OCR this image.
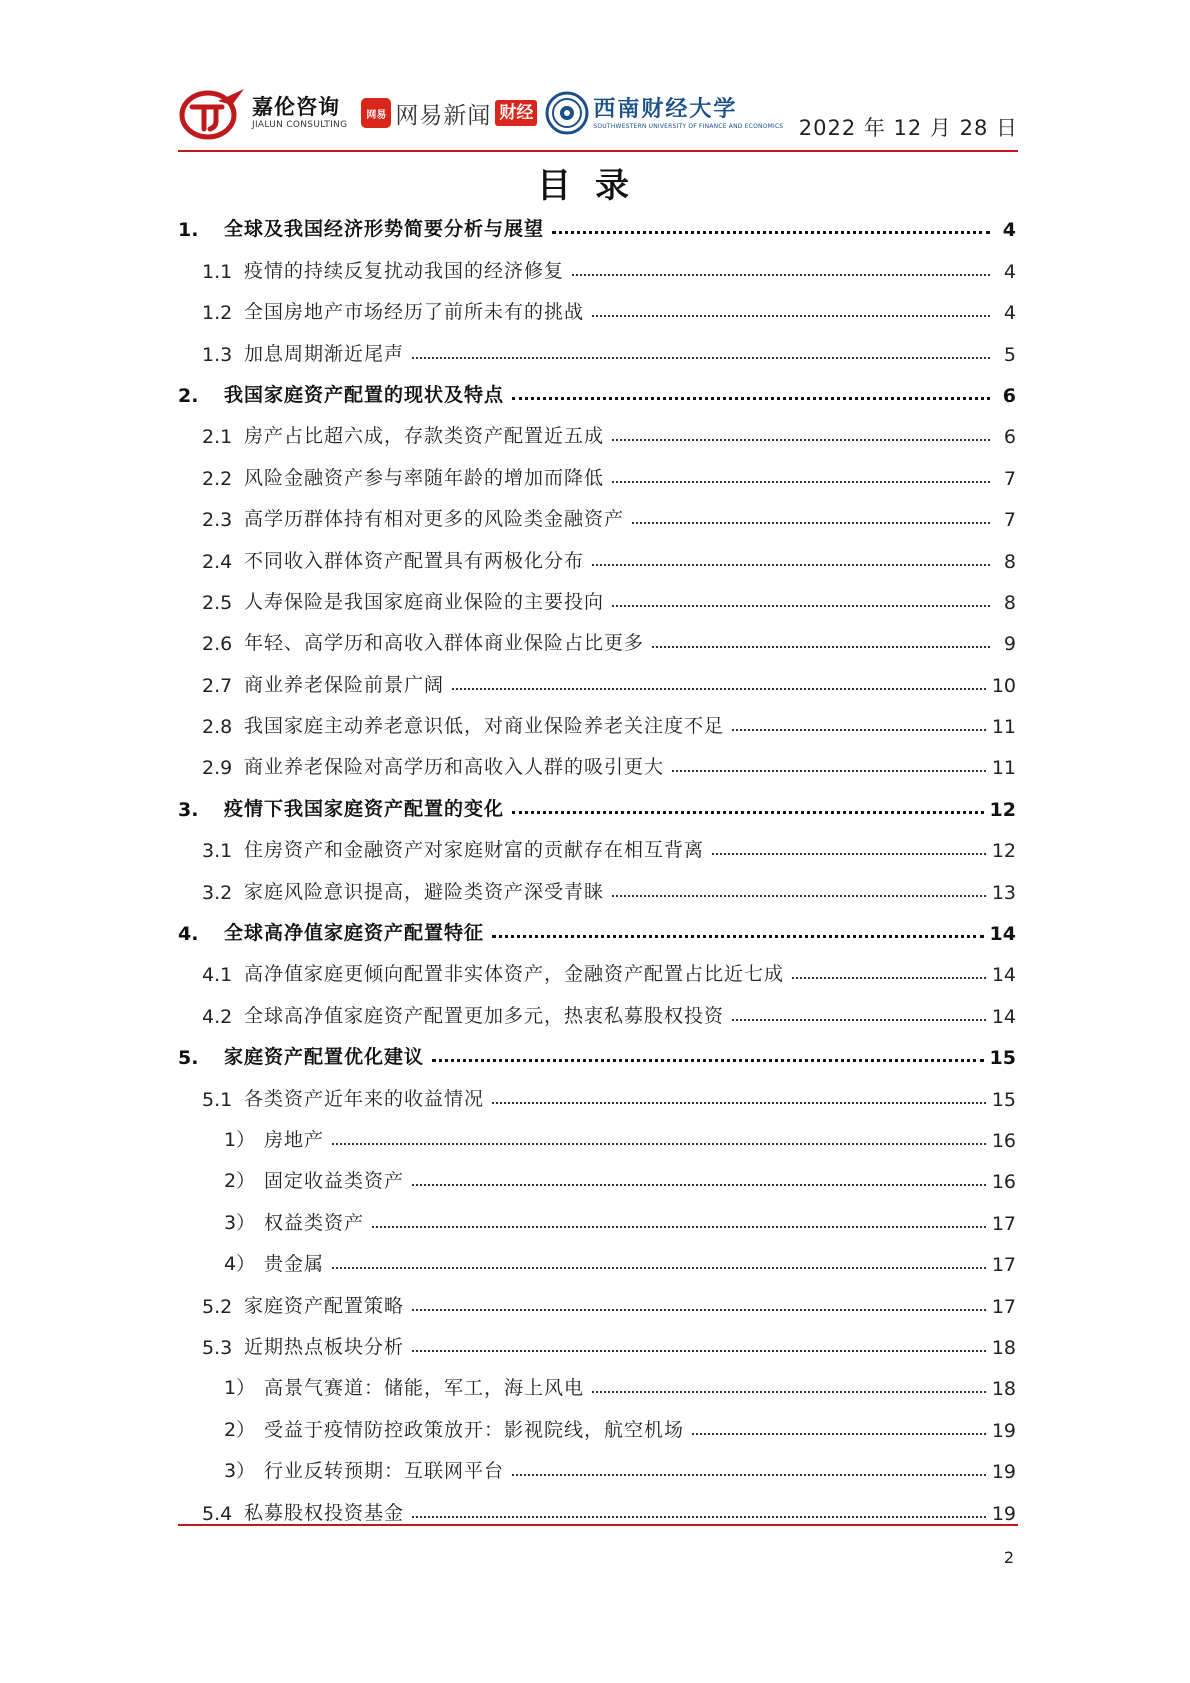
嘉伦咨询
JIALUN CONSULTING
网易 网易新闻 财经	西南财经大学
SOUTHWESTERN UNIVERSITY OF FINANCE AND ECONOMICS 2022 年 12 月 28 日
目录
1.	全球及我国经济形势简要分析与展望	4
1.1 疫情的持续反复扰动我国的经济修复	4
1.2 全国房地产市场经历了前所未有的挑战	4
1.3 加息周期渐近尾声	5
2.	我国家庭资产配置的现状及特点	6
2.1 房产占比超六成，存款类资产配置近五成	6
2.2 风险金融资产参与率随年龄的增加而降低	7
2.3 高学历群体持有相对更多的风险类金融资产	7
2.4 不同收入群体资产配置具有两极化分布	8
2.5 人寿保险是我国家庭商业保险的主要投向	8
2.6 年轻、高学历和高收入群体商业保险占比更多	9
2.7 商业养老保险前景广阔	10
2.8 我国家庭主动养老意识低，对商业保险养老关注度不足	11
2.9 商业养老保险对高学历和高收入人群的吸引更大	11
3.	疫情下我国家庭资产配置的变化	12
3.1 住房资产和金融资产对家庭财富的贡献存在相互背离	12
3.2 家庭风险意识提高，避险类资产深受青睐	13
4.	全球高净值家庭资产配置特征	14
4.1 高净值家庭更倾向配置非实体资产，金融资产配置占比近七成	14
4.2 全球高净值家庭资产配置更加多元，热衷私募股权投资	14
5.	家庭资产配置优化建议	15
5.1 各类资产近年来的收益情况	15
1） 房地产	16
2） 固定收益类资产	16
3） 权益类资产	17
4） 贵金属	17
5.2 家庭资产配置策略	17
5.3 近期热点板块分析	18
1） 高景气赛道：储能，军工，海上风电	18
2） 受益于疫情防控政策放开：影视院线，航空机场	19
3） 行业反转预期：互联网平台	19
5.4 私募股权投资基金	19
2
